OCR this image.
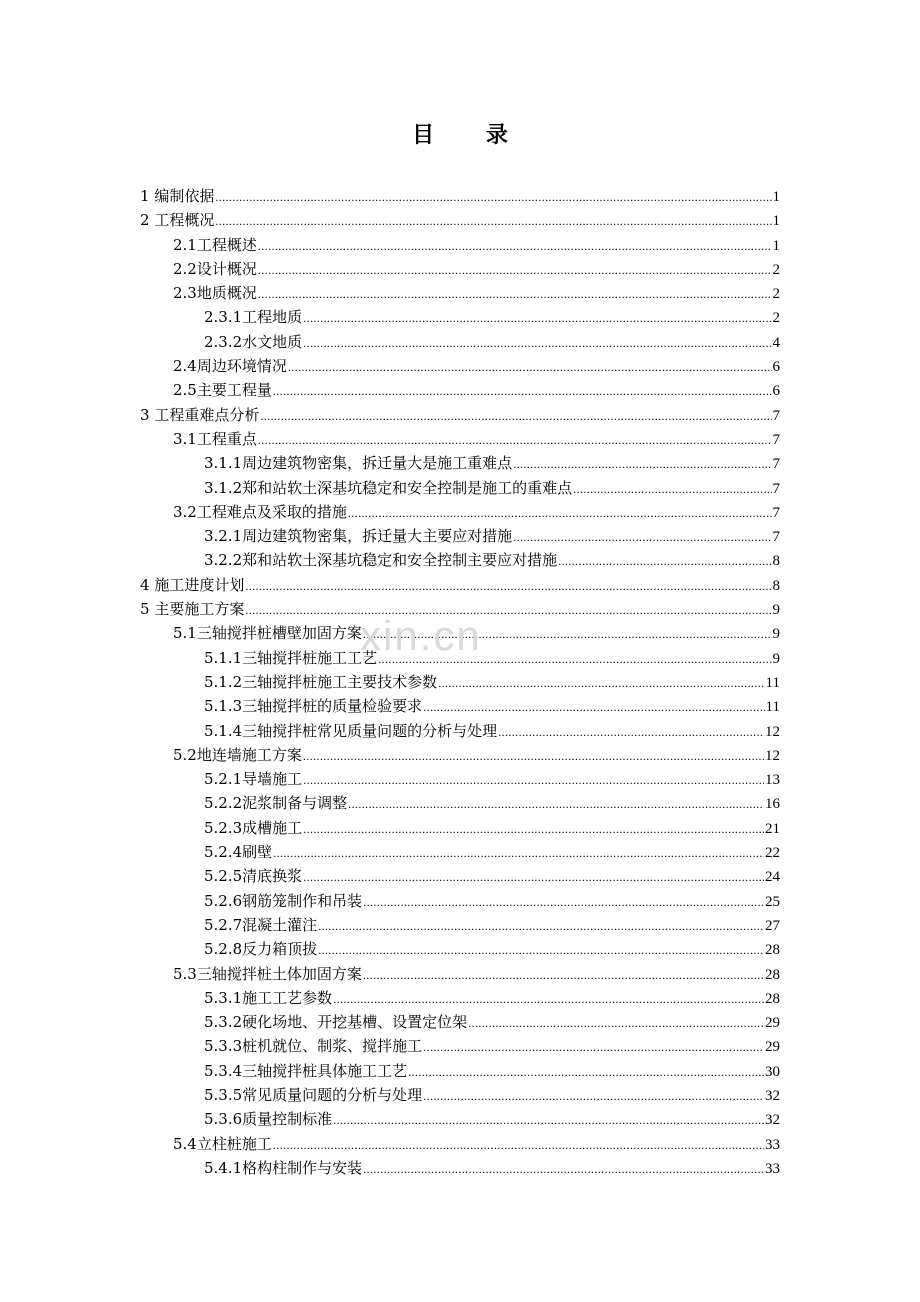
目 录
1 编制依据 .....	1
2 工程概况 .....	1
2.1 工程概述 .....	1
2.2 设计概况 .....	2
2.3 地质概况 .....	2
2.3.1 工程地质 .....	2
2.3.2 水文地质 .....	4
2.4 周边环境情况 .....	6
2.5 主要工程量 .....	6
3 工程重难点分析 .....	7
3.1 工程重点 .....	7
3.1.1 周边建筑物密集，拆迁量大是施工重难点 .....	7
3.1.2 郑和站软土深基坑稳定和安全控制是施工的重难点 .....	7
3.2 工程难点及采取的措施 .....	7
3.2.1 周边建筑物密集，拆迁量大主要应对措施 .....	7
3.2.2 郑和站软土深基坑稳定和安全控制主要应对措施 .....	8
4 施工进度计划 .....	8
5 主要施工方案 .....	9
5.1 三轴搅拌桩槽壁加固方案 .....	9
5.1.1 三轴搅拌桩施工工艺 .....	9
5.1.2 三轴搅拌桩施工主要技术参数 .....	11
5.1.3 三轴搅拌桩的质量检验要求 .....	11
5.1.4 三轴搅拌桩常见质量问题的分析与处理 .....	12
5.2 地连墙施工方案 .....	12
5.2.1 导墙施工 .....	13
5.2.2 泥浆制备与调整 .....	16
5.2.3 成槽施工 .....	21
5.2.4 刷壁 .....	22
5.2.5 清底换浆 .....	24
5.2.6 钢筋笼制作和吊装 .....	25
5.2.7 混凝土灌注 .....	27
5.2.8 反力箱顶拔 .....	28
5.3 三轴搅拌桩土体加固方案 .....	28
5.3.1 施工工艺参数 .....	28
5.3.2 硬化场地、开挖基槽、设置定位架 .....	29
5.3.3 桩机就位、制浆、搅拌施工 .....	29
5.3.4 三轴搅拌桩具体施工工艺 .....	30
5.3.5 常见质量问题的分析与处理 .....	32
5.3.6 质量控制标准 .....	32
5.4 立柱桩施工 .....	33
5.4.1 格构柱制作与安装 .....	33
xin.cn
